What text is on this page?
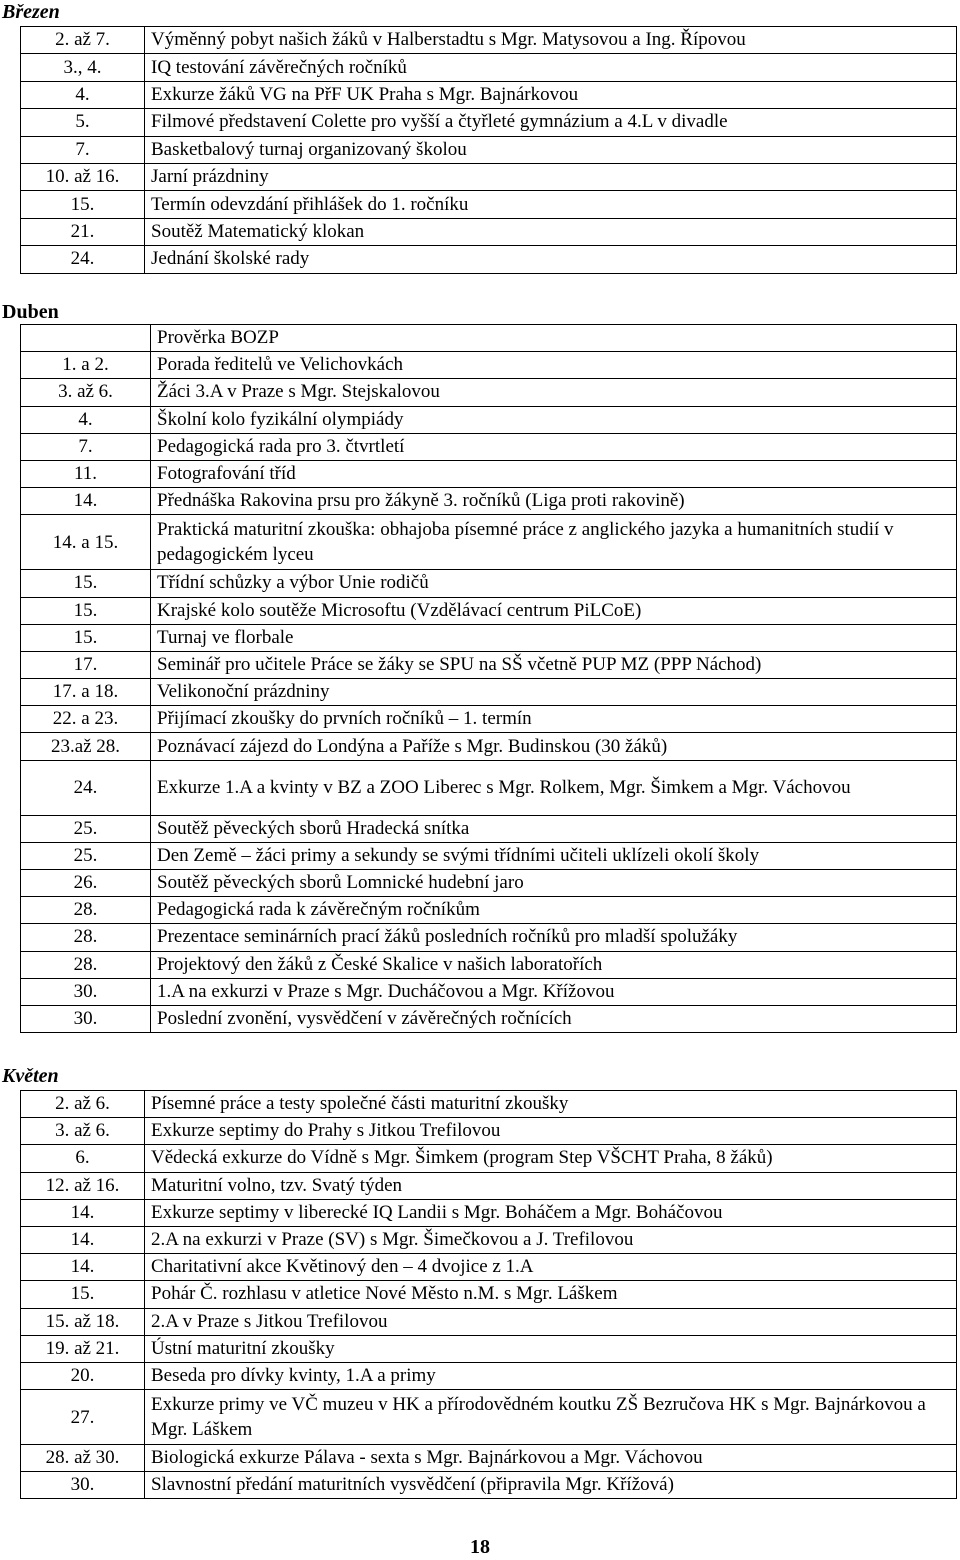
Březen
2. až 7.	Výměnný pobyt našich žáků v Halberstadtu s Mgr. Matysovou a Ing. Řípovou
3., 4.	IQ testování závěrečných ročníků
4.	Exkurze žáků VG na PřF UK Praha s Mgr. Bajnárkovou
5.	Filmové představení Colette pro vyšší a čtyřleté gymnázium a 4.L v divadle
7.	Basketbalový turnaj organizovaný školou
10. až 16.	Jarní prázdniny
15.	Termín odevzdání přihlášek do 1. ročníku
21.	Soutěž Matematický klokan
24.	Jednání školské rady
Duben
	Prověrka BOZP
1. a 2.	Porada ředitelů ve Velichovkách
3. až 6.	Žáci 3.A v Praze s Mgr. Stejskalovou
4.	Školní kolo fyzikální olympiády
7.	Pedagogická rada pro 3. čtvrtletí
11.	Fotografování tříd
14.	Přednáška Rakovina prsu pro žákyně 3. ročníků (Liga proti rakovině)
14. a 15.	Praktická maturitní zkouška: obhajoba písemné práce z anglického jazyka a humanitních studií v pedagogickém lyceu
15.	Třídní schůzky a výbor Unie rodičů
15.	Krajské kolo soutěže Microsoftu (Vzdělávací centrum PiLCoE)
15.	Turnaj ve florbale
17.	Seminář pro učitele Práce se žáky se SPU na SŠ včetně PUP MZ (PPP Náchod)
17. a 18.	Velikonoční prázdniny
22. a 23.	Přijímací zkoušky do prvních ročníků – 1. termín
23.až 28.	Poznávací zájezd do Londýna a Paříže s Mgr. Budinskou (30 žáků)
24.	Exkurze 1.A a kvinty v BZ a ZOO Liberec s Mgr. Rolkem, Mgr. Šimkem a Mgr. Váchovou
25.	Soutěž pěveckých sborů Hradecká snítka
25.	Den Země – žáci primy a sekundy se svými třídními učiteli uklízeli okolí školy
26.	Soutěž pěveckých sborů Lomnické hudební jaro
28.	Pedagogická rada k závěrečným ročníkům
28.	Prezentace seminárních prací žáků posledních ročníků pro mladší spolužáky
28.	Projektový den žáků z České Skalice v našich laboratořích
30.	1.A na exkurzi v Praze s Mgr. Ducháčovou a Mgr. Křížovou
30.	Poslední zvonění, vysvědčení v závěrečných ročnících
Květen
2. až 6.	Písemné práce a testy společné části maturitní zkoušky
3. až 6.	Exkurze septimy do Prahy s Jitkou Trefilovou
6.	Vědecká exkurze do Vídně s Mgr. Šimkem (program Step VŠCHT Praha, 8 žáků)
12. až 16.	Maturitní volno, tzv. Svatý týden
14.	Exkurze septimy v liberecké IQ Landii s Mgr. Boháčem a Mgr. Boháčovou
14.	2.A na exkurzi v Praze (SV) s Mgr. Šimečkovou a J. Trefilovou
14.	Charitativní akce Květinový den – 4 dvojice z 1.A
15.	Pohár Č. rozhlasu v atletice Nové Město n.M. s Mgr. Láškem
15. až 18.	2.A v Praze s Jitkou Trefilovou
19. až 21.	Ústní maturitní zkoušky
20.	Beseda pro dívky kvinty, 1.A a primy
27.	Exkurze primy ve VČ muzeu v HK a přírodovědném koutku ZŠ Bezručova HK s Mgr. Bajnárkovou a Mgr. Láškem
28. až 30.	Biologická exkurze Pálava - sexta s Mgr. Bajnárkovou a Mgr. Váchovou
30.	Slavnostní předání maturitních vysvědčení (připravila Mgr. Křížová)
18
